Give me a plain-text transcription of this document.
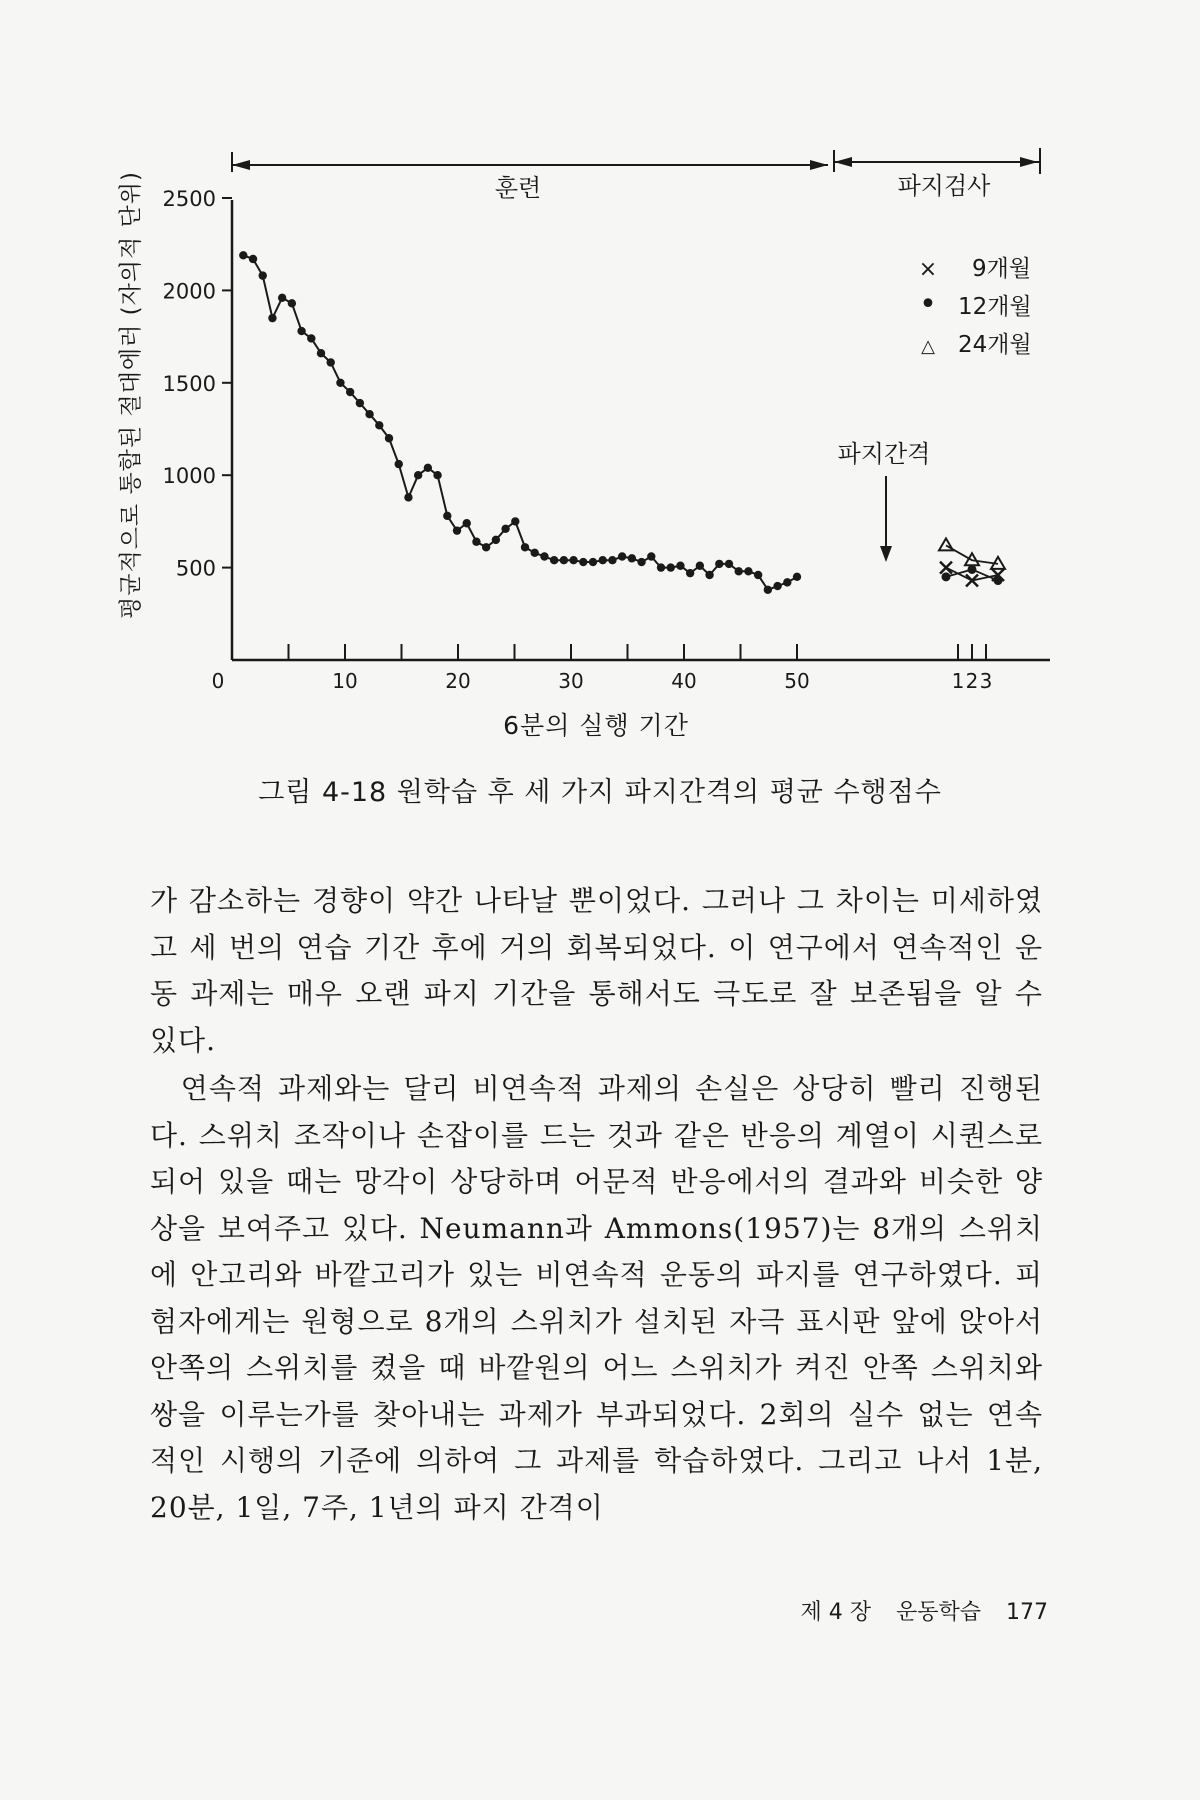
평균적으로 통합된 절대에러 (자의적 단위)	훈련	파지검사
2500
2000
1500
1000
500
0	10	20	30	40	50	1 2 3
× 9개월
• 12개월
△ 24개월
파지간격
6분의 실행 기간
그림 4-18 원학습 후 세 가지 파지간격의 평균 수행점수

가 감소하는 경향이 약간 나타날 뿐이었다. 그러나 그 차이는 미세하였고 세 번의 연습 기간 후에 거의 회복되었다. 이 연구에서 연속적인 운동 과제는 매우 오랜 파지 기간을 통해서도 극도로 잘 보존됨을 알 수 있다.

연속적 과제와는 달리 비연속적 과제의 손실은 상당히 빨리 진행된다. 스위치 조작이나 손잡이를 드는 것과 같은 반응의 계열이 시퀀스로 되어 있을 때는 망각이 상당하며 어문적 반응에서의 결과와 비슷한 양상을 보여주고 있다. Neumann과 Ammons(1957)는 8개의 스위치에 안고리와 바깥고리가 있는 비연속적 운동의 파지를 연구하였다. 피험자에게는 원형으로 8개의 스위치가 설치된 자극 표시판 앞에 앉아서 안쪽의 스위치를 켰을 때 바깥원의 어느 스위치가 켜진 안쪽 스위치와 쌍을 이루는가를 찾아내는 과제가 부과되었다. 2회의 실수 없는 연속적인 시행의 기준에 의하여 그 과제를 학습하였다. 그리고 나서 1분, 20분, 1일, 7주, 1년의 파지 간격이

제 4 장 운동학습 177
